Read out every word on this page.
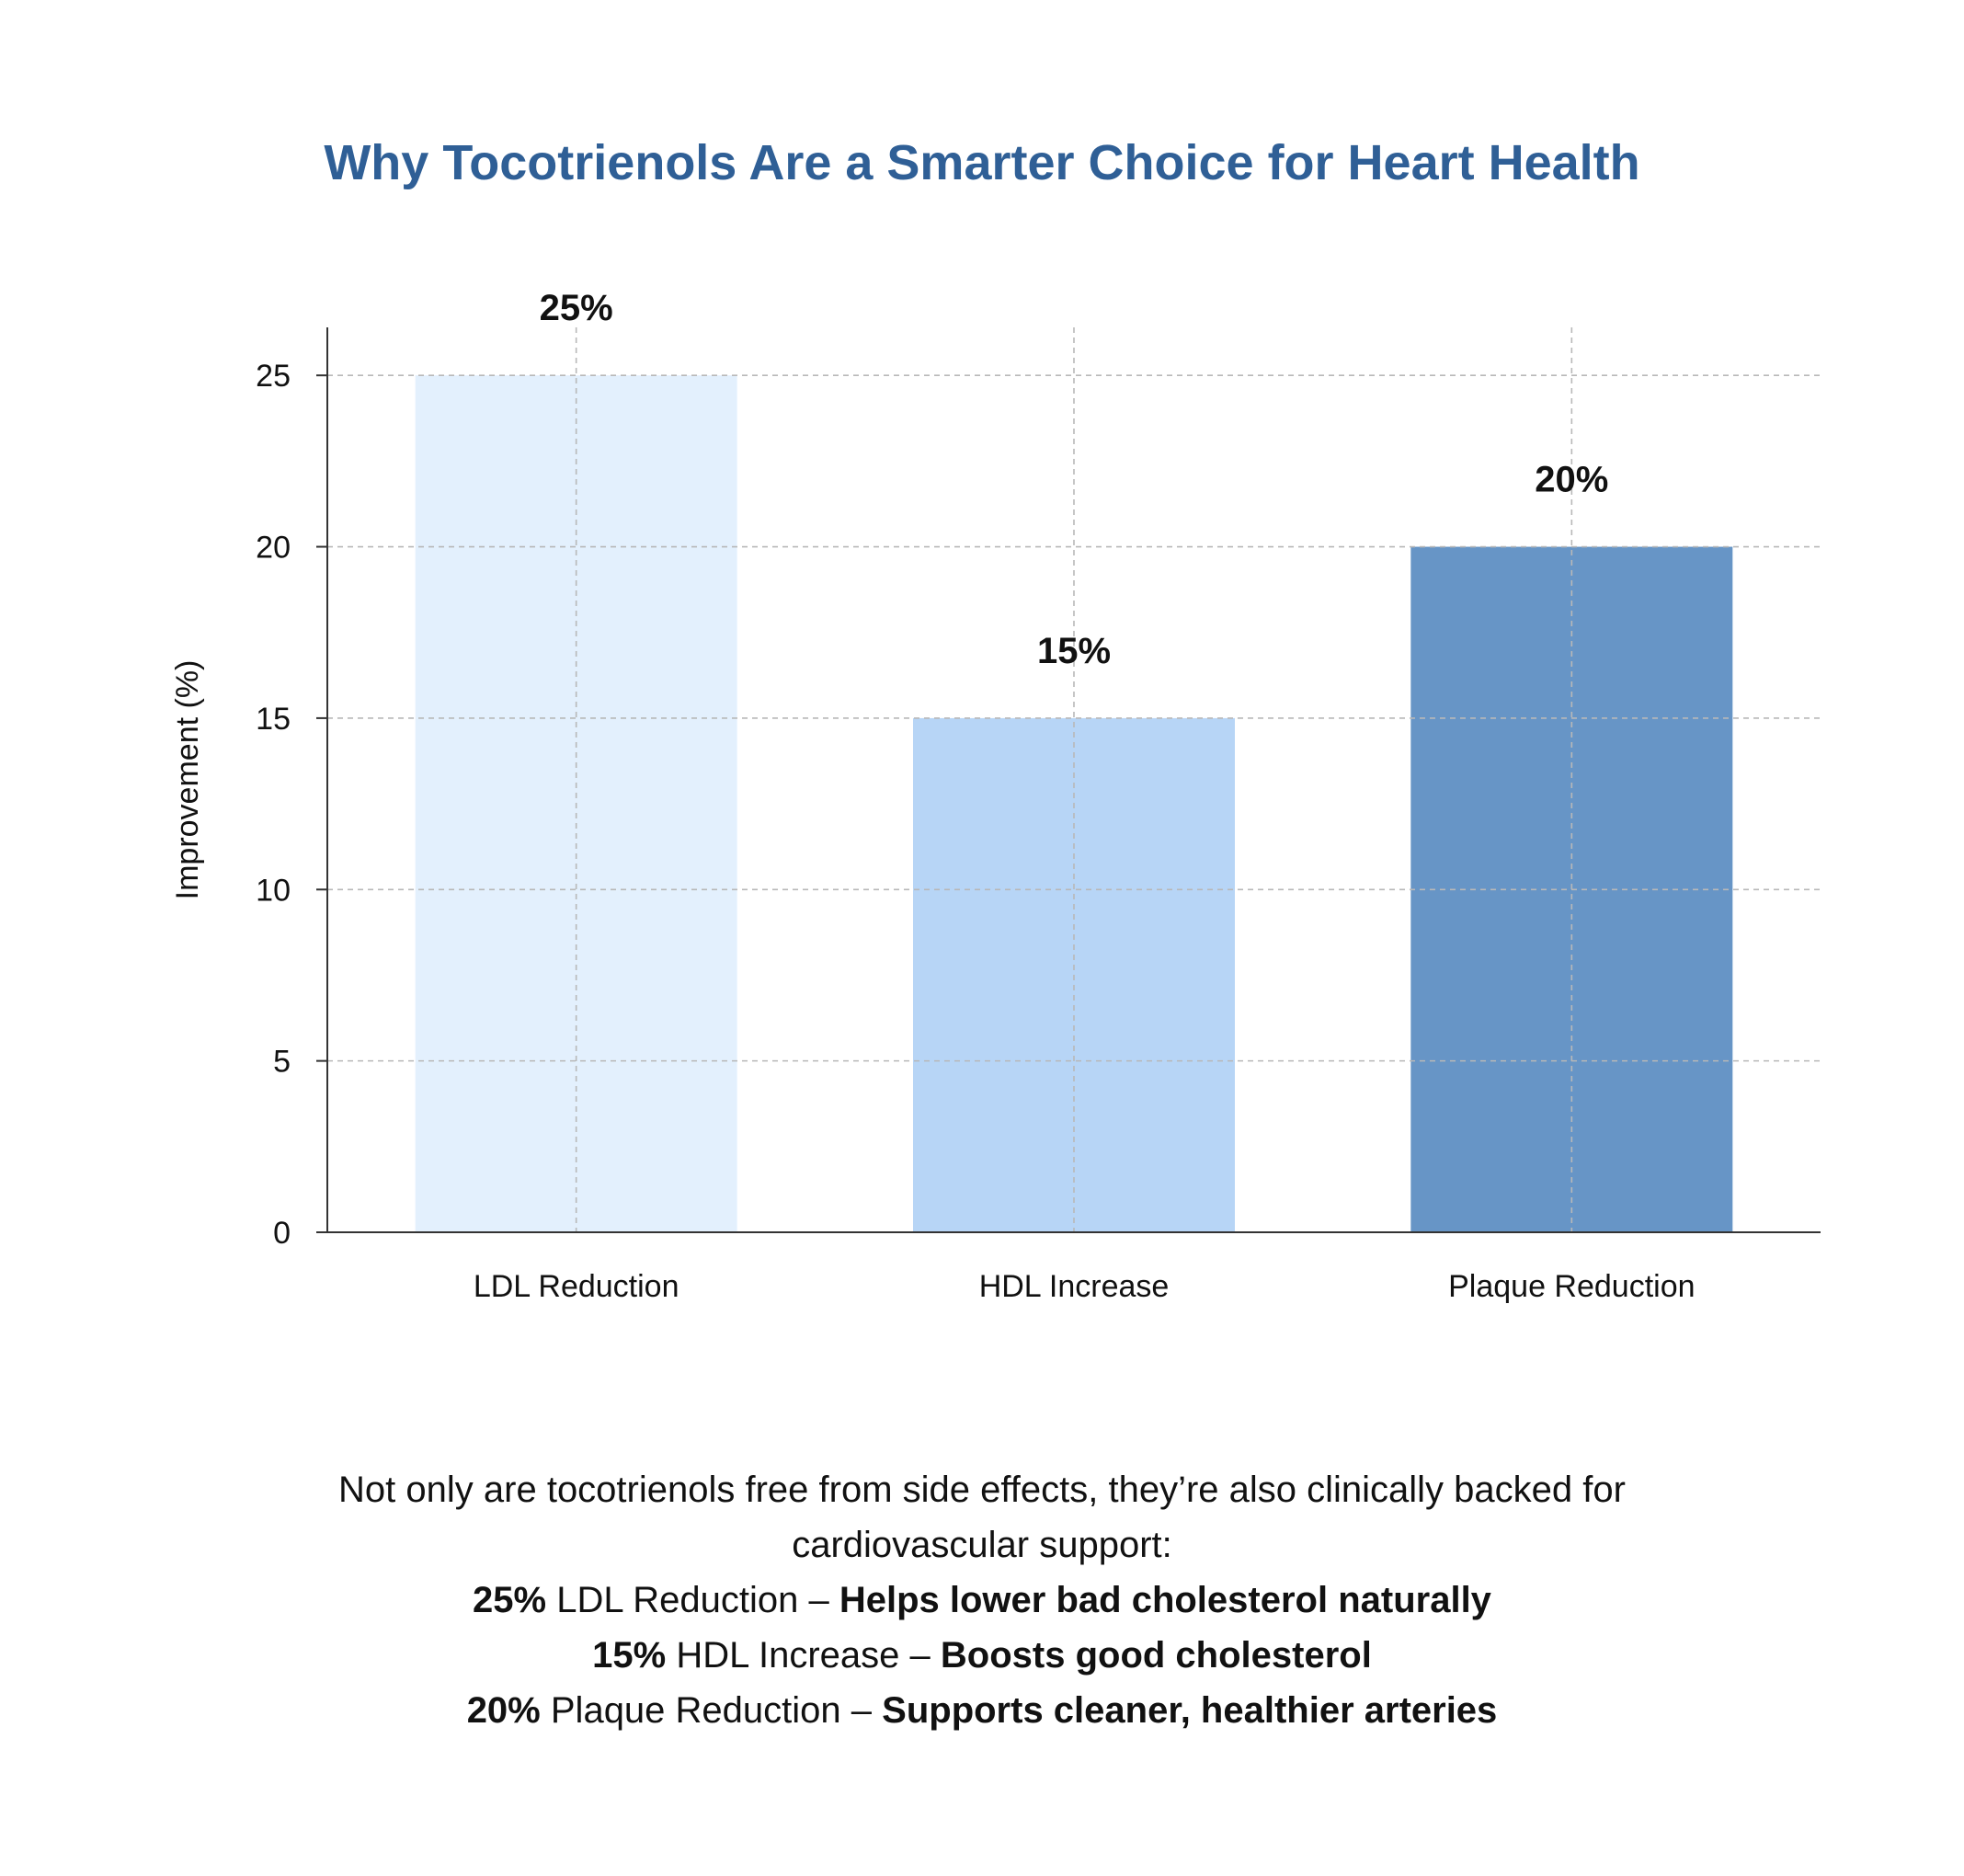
Why Tocotrienols Are a Smarter Choice for Heart Health
0
5
10
15
20
25
LDL Reduction	HDL Increase	Plaque Reduction
25%
15%
20%
Improvement (%)
Not only are tocotrienols free from side effects, they’re also clinically backed for
cardiovascular support:
25% LDL Reduction – Helps lower bad cholesterol naturally
15% HDL Increase – Boosts good cholesterol
20% Plaque Reduction – Supports cleaner, healthier arteries
